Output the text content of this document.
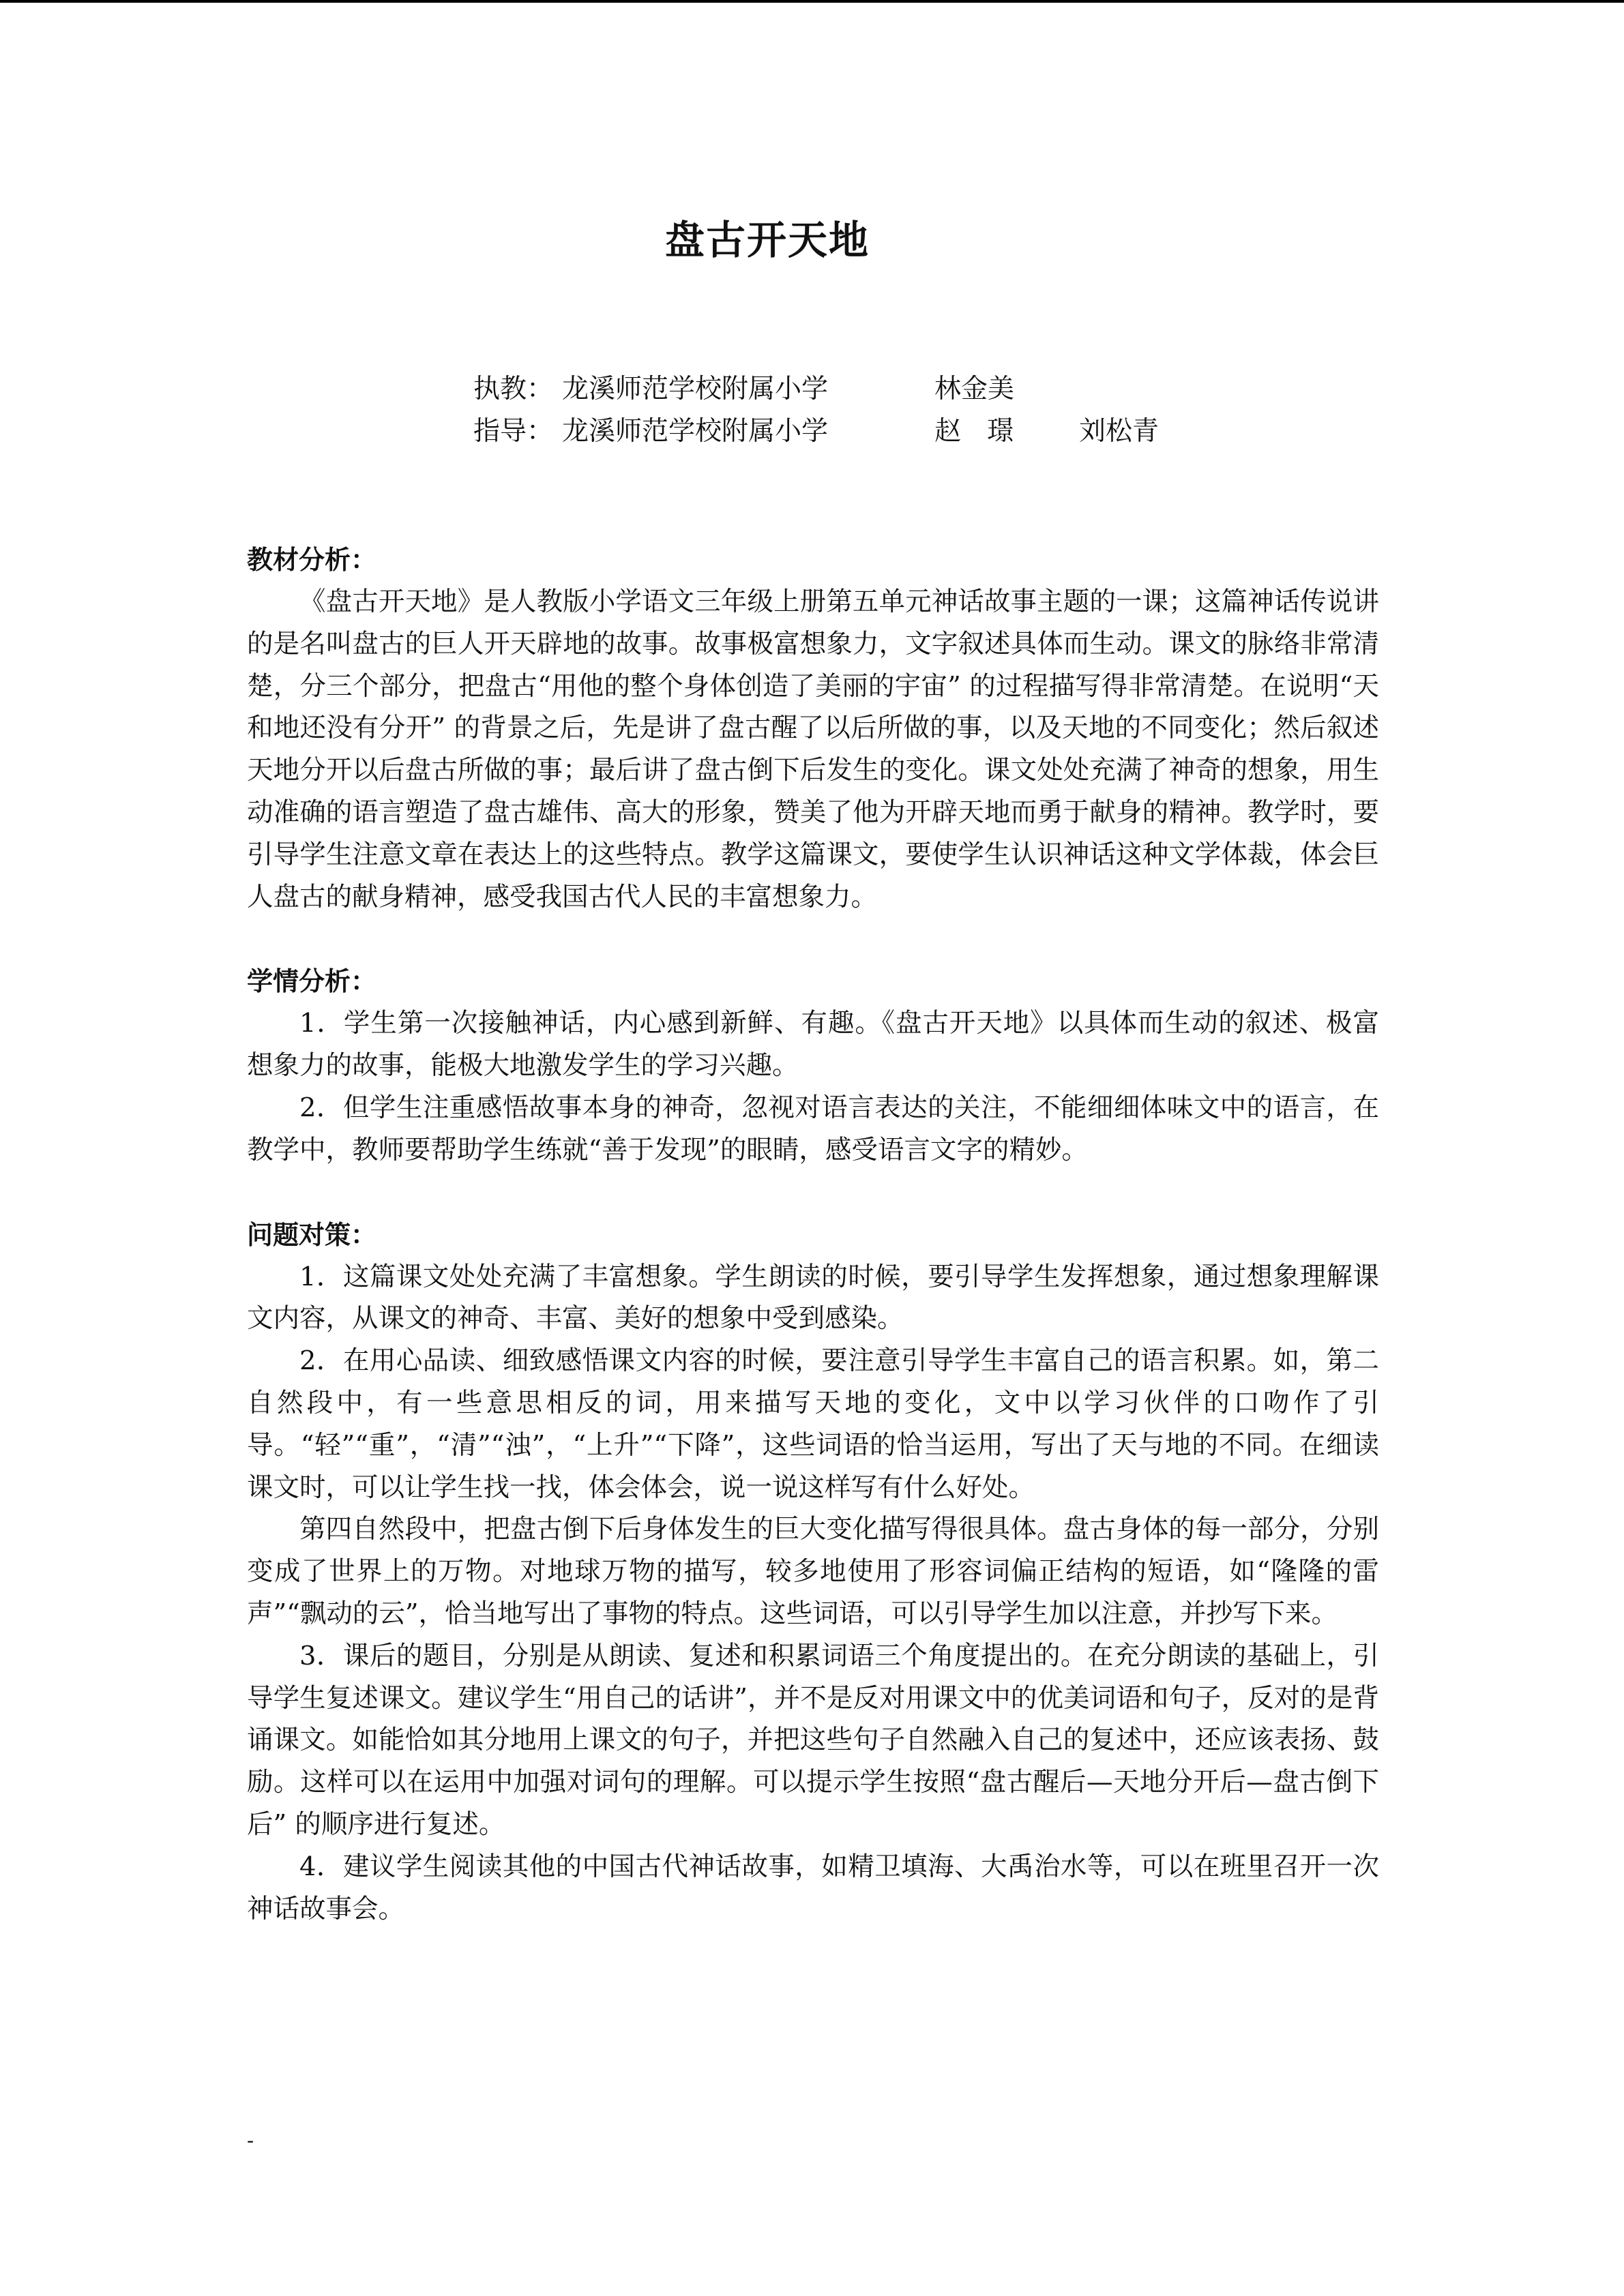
盘古开天地
执教： 龙溪师范学校附属小学	林金美
指导： 龙溪师范学校附属小学	赵璟 刘松青
教材分析：

《盘古开天地》是人教版小学语文三年级上册第五单元神话故事主题的一课；这篇神话传说讲的是名叫盘古的巨人开天辟地的故事。故事极富想象力，文字叙述具体而生动。课文的脉络非常清楚，分三个部分，把盘古“用他的整个身体创造了美丽的宇宙” 的过程描写得非常清楚。在说明“天和地还没有分开” 的背景之后，先是讲了盘古醒了以后所做的事，以及天地的不同变化；然后叙述天地分开以后盘古所做的事；最后讲了盘古倒下后发生的变化。课文处处充满了神奇的想象，用生动准确的语言塑造了盘古雄伟、高大的形象，赞美了他为开辟天地而勇于献身的精神。教学时，要引导学生注意文章在表达上的这些特点。教学这篇课文，要使学生认识神话这种文学体裁，体会巨人盘古的献身精神，感受我国古代人民的丰富想象力。

学情分析：

1．学生第一次接触神话，内心感到新鲜、有趣。《盘古开天地》以具体而生动的叙述、极富想象力的故事，能极大地激发学生的学习兴趣。

2．但学生注重感悟故事本身的神奇，忽视对语言表达的关注，不能细细体味文中的语言，在教学中，教师要帮助学生练就“善于发现”的眼睛，感受语言文字的精妙。

问题对策：

1．这篇课文处处充满了丰富想象。学生朗读的时候，要引导学生发挥想象，通过想象理解课文内容，从课文的神奇、丰富、美好的想象中受到感染。

2．在用心品读、细致感悟课文内容的时候，要注意引导学生丰富自己的语言积累。如，第二自然段中，有一些意思相反的词，用来描写天地的变化，文中以学习伙伴的口吻作了引导。“轻”“重”，“清”“浊”，“上升”“下降”，这些词语的恰当运用，写出了天与地的不同。在细读课文时，可以让学生找一找，体会体会，说一说这样写有什么好处。

第四自然段中，把盘古倒下后身体发生的巨大变化描写得很具体。盘古身体的每一部分，分别变成了世界上的万物。对地球万物的描写，较多地使用了形容词偏正结构的短语，如“隆隆的雷声”“飘动的云”，恰当地写出了事物的特点。这些词语，可以引导学生加以注意，并抄写下来。

3．课后的题目，分别是从朗读、复述和积累词语三个角度提出的。在充分朗读的基础上，引导学生复述课文。建议学生“用自己的话讲”，并不是反对用课文中的优美词语和句子，反对的是背诵课文。如能恰如其分地用上课文的句子，并把这些句子自然融入自己的复述中，还应该表扬、鼓励。这样可以在运用中加强对词句的理解。可以提示学生按照“盘古醒后—天地分开后—盘古倒下后” 的顺序进行复述。

4．建议学生阅读其他的中国古代神话故事，如精卫填海、大禹治水等，可以在班里召开一次神话故事会。

-
